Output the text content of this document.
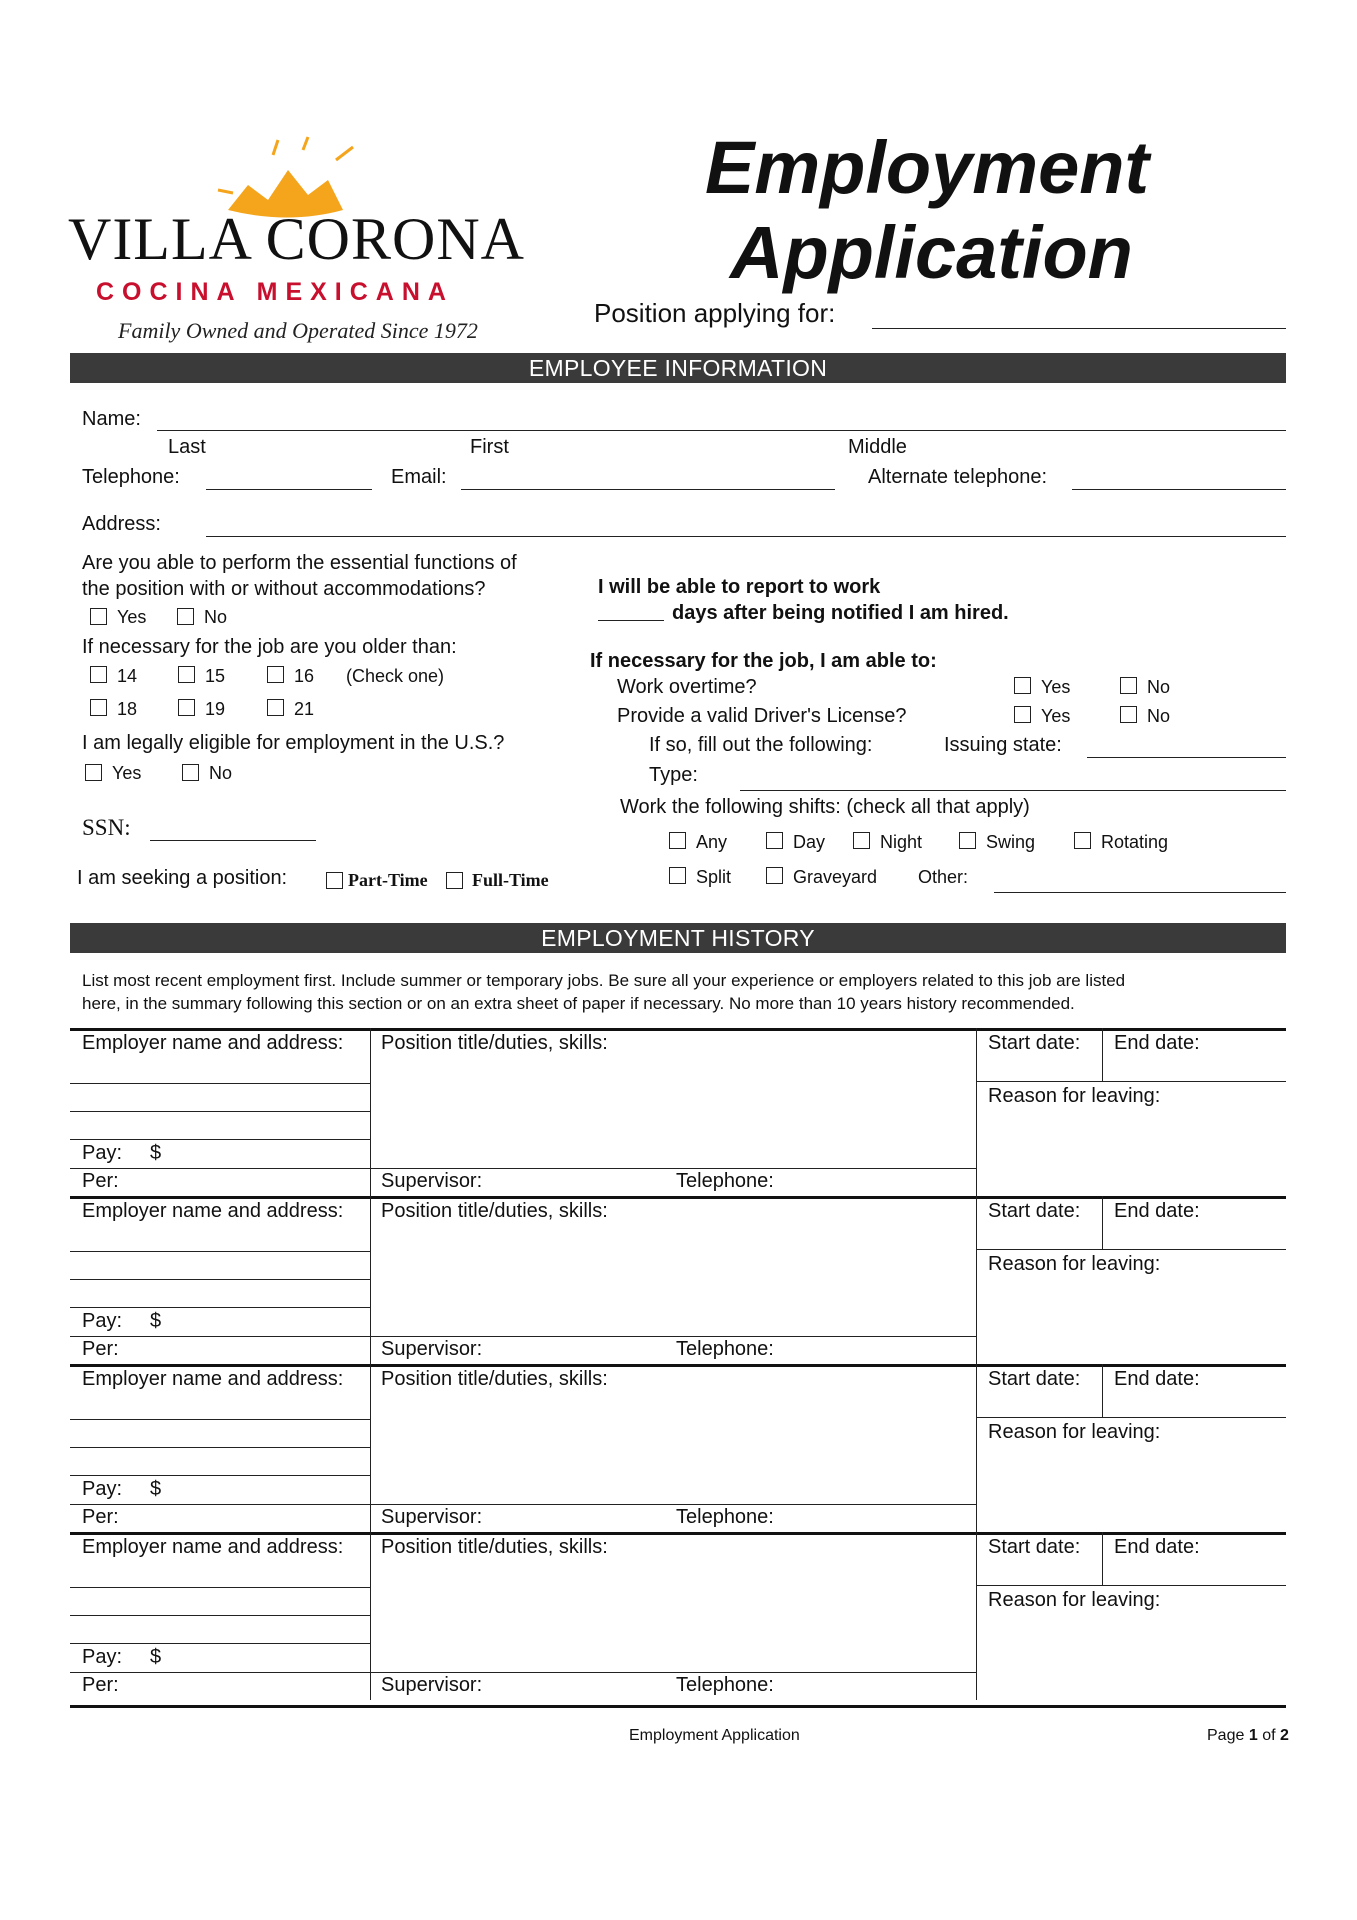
VILLA CORONA
COCINA MEXICANA
Family Owned and Operated Since 1972
Employment
Application
Position applying for:
EMPLOYEE INFORMATION
Name:
Last	First	Middle
Telephone:	Email:	Alternate telephone:
Address:
Are you able to perform the essential functions of
the position with or without accommodations?
Yes	No
If necessary for the job are you older than:
14	15	16 (Check one)
18	19	21
I am legally eligible for employment in the U.S.?
Yes	No
SSN:
I am seeking a position:	Part-Time Full-Time
I will be able to report to work
days after being notified I am hired.
If necessary for the job, I am able to:
Work overtime?	Yes	No
Provide a valid Driver's License?	Yes	No
If so, fill out the following:	Issuing state:
Type:
Work the following shifts: (check all that apply)
Any	Day	Night	Swing	Rotating
Split	Graveyard Other:
EMPLOYMENT HISTORY
List most recent employment first. Include summer or temporary jobs. Be sure all your experience or employers related to this job are listed
here, in the summary following this section or on an extra sheet of paper if necessary. No more than 10 years history recommended.
Employer name and address:
Pay: $
Per:
Position title/duties, skills:
Supervisor:	Telephone:
Start date: End date:
Reason for leaving:
Employer name and address:
Pay: $
Per:
Position title/duties, skills:
Supervisor:	Telephone:
Start date: End date:
Reason for leaving:
Employer name and address:
Pay: $
Per:
Position title/duties, skills:
Supervisor:	Telephone:
Start date: End date:
Reason for leaving:
Employer name and address:
Pay: $
Per:
Position title/duties, skills:
Supervisor:	Telephone:
Start date: End date:
Reason for leaving:
Employment Application	Page 1 of 2
